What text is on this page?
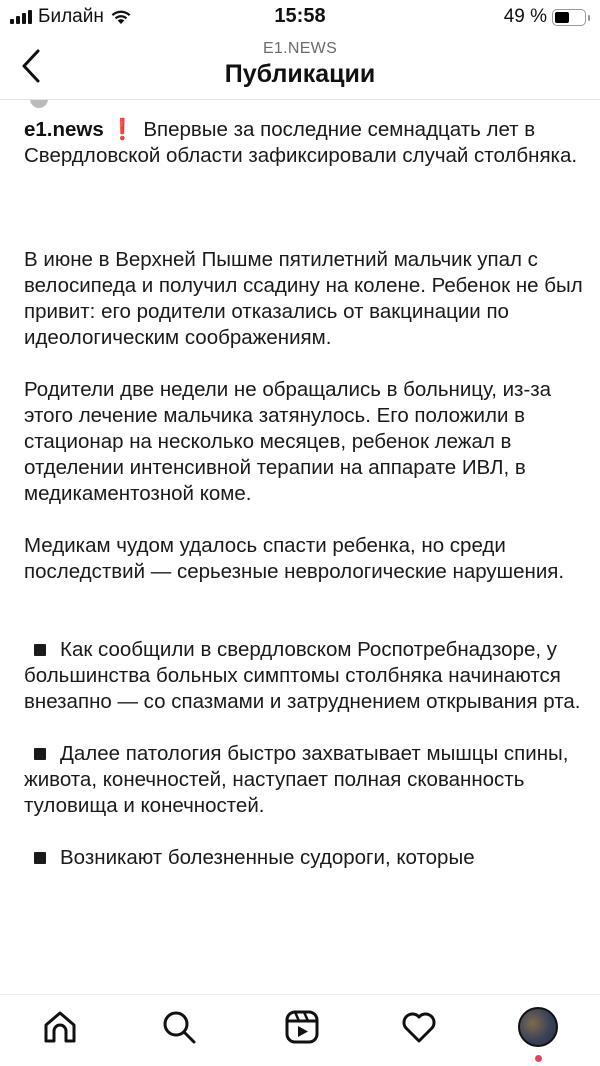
Билайн	15:58	49 %
E1.NEWS
Публикации

e1.news ❗ Впервые за последние семнадцать лет в Свердловской области зафиксировали случай столбняка.

В июне в Верхней Пышме пятилетний мальчик упал с велосипеда и получил ссадину на колене. Ребенок не был привит: его родители отказались от вакцинации по идеологическим соображениям.

Родители две недели не обращались в больницу, из-за этого лечение мальчика затянулось. Его положили в стационар на несколько месяцев, ребенок лежал в отделении интенсивной терапии на аппарате ИВЛ, в медикаментозной коме.

Медикам чудом удалось спасти ребенка, но среди последствий — серьезные неврологические нарушения.

Как сообщили в свердловском Роспотребнадзоре, у большинства больных симптомы столбняка начинаются внезапно — со спазмами и затруднением открывания рта.

Далее патология быстро захватывает мышцы спины, живота, конечностей, наступает полная скованность туловища и конечностей.

Возникают болезненные судороги, которые
